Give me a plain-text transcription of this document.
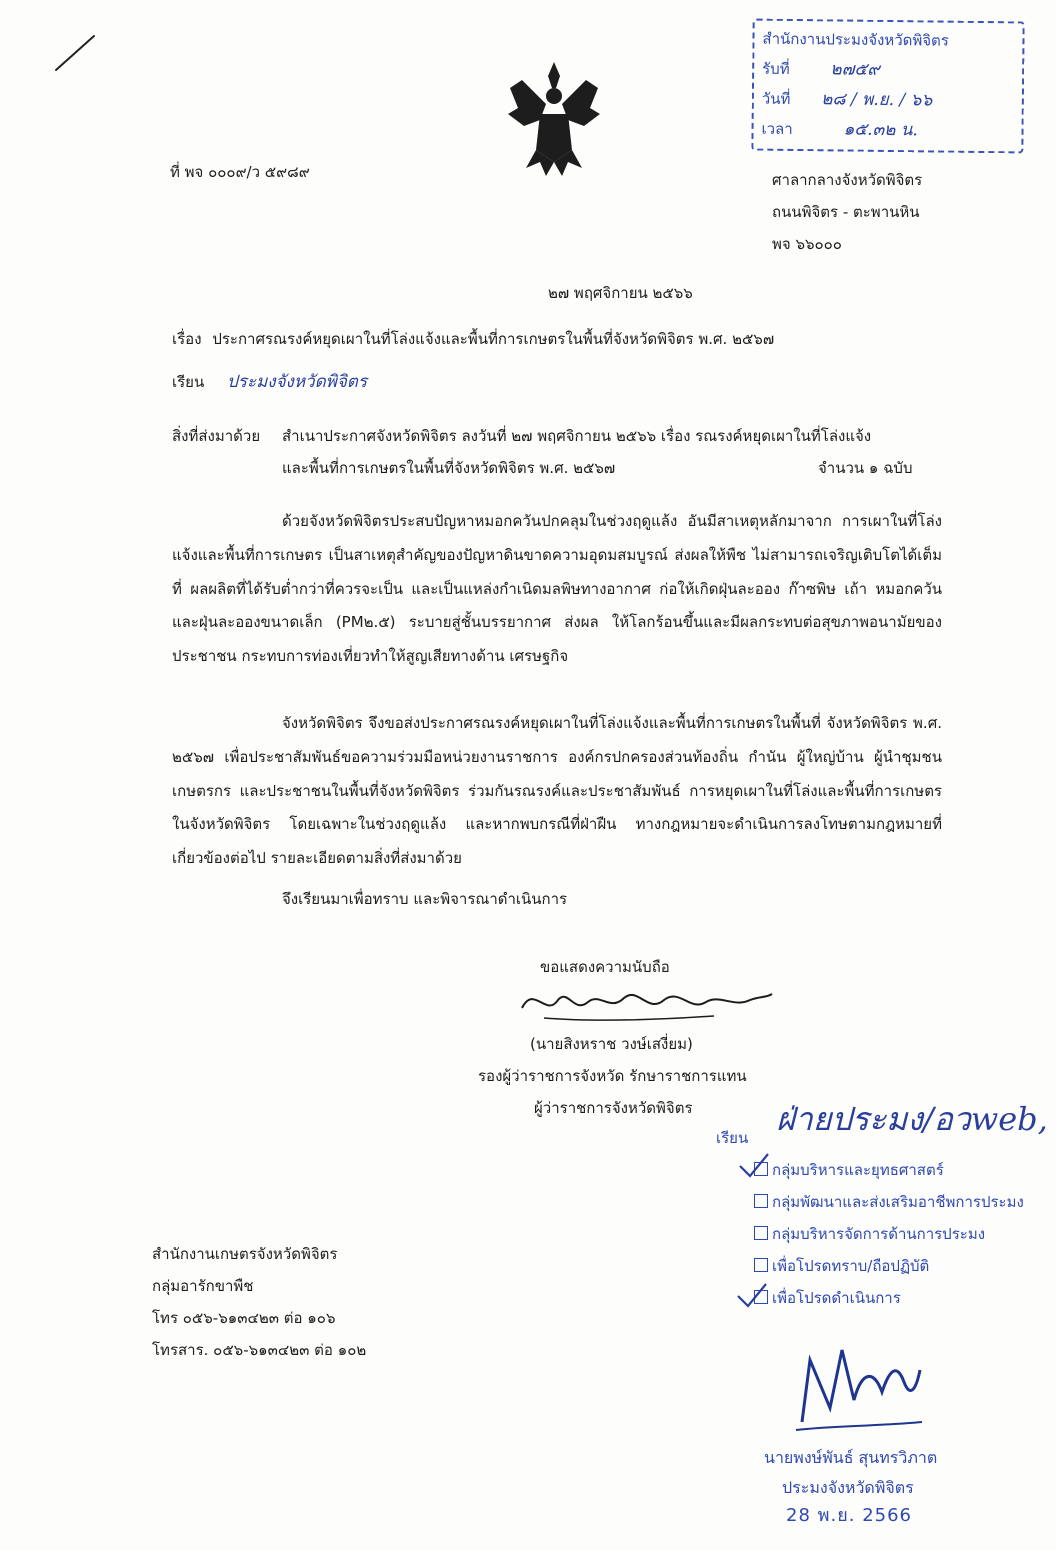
สำนักงานประมงจังหวัดพิจิตร
รับที่ ๒๗๕๙
วันที่ ๒๘ / พ.ย. / ๖๖
เวลา	๑๕.๓๒ น.
ที่ พจ ๐๐๐๙/ว ๕๙๘๙	ศาลากลางจังหวัดพิจิตร
ถนนพิจิตร - ตะพานหิน
พจ ๖๖๐๐๐
๒๗ พฤศจิกายน ๒๕๖๖
เรื่อง ประกาศรณรงค์หยุดเผาในที่โล่งแจ้งและพื้นที่การเกษตรในพื้นที่จังหวัดพิจิตร พ.ศ. ๒๕๖๗
เรียน ประมงจังหวัดพิจิตร
สิ่งที่ส่งมาด้วย สำเนาประกาศจังหวัดพิจิตร ลงวันที่ ๒๗ พฤศจิกายน ๒๕๖๖ เรื่อง รณรงค์หยุดเผาในที่โล่งแจ้ง
และพื้นที่การเกษตรในพื้นที่จังหวัดพิจิตร พ.ศ. ๒๕๖๗	จำนวน ๑ ฉบับ
ด้วยจังหวัดพิจิตรประสบปัญหาหมอกควันปกคลุมในช่วงฤดูแล้ง อันมีสาเหตุหลักมาจาก การเผาในที่โล่งแจ้งและพื้นที่การเกษตร เป็นสาเหตุสำคัญของปัญหาดินขาดความอุดมสมบูรณ์ ส่งผลให้พืช ไม่สามารถเจริญเติบโตได้เต็มที่ ผลผลิตที่ได้รับต่ำกว่าที่ควรจะเป็น และเป็นแหล่งกำเนิดมลพิษทางอากาศ ก่อให้เกิดฝุ่นละออง ก๊าซพิษ เถ้า หมอกควัน และฝุ่นละอองขนาดเล็ก (PM๒.๕) ระบายสู่ชั้นบรรยากาศ ส่งผล ให้โลกร้อนขึ้นและมีผลกระทบต่อสุขภาพอนามัยของประชาชน กระทบการท่องเที่ยวทำให้สูญเสียทางด้าน เศรษฐกิจ
จังหวัดพิจิตร จึงขอส่งประกาศรณรงค์หยุดเผาในที่โล่งแจ้งและพื้นที่การเกษตรในพื้นที่ จังหวัดพิจิตร พ.ศ. ๒๕๖๗ เพื่อประชาสัมพันธ์ขอความร่วมมือหน่วยงานราชการ องค์กรปกครองส่วนท้องถิ่น กำนัน ผู้ใหญ่บ้าน ผู้นำชุมชน เกษตรกร และประชาชนในพื้นที่จังหวัดพิจิตร ร่วมกันรณรงค์และประชาสัมพันธ์ การหยุดเผาในที่โล่งและพื้นที่การเกษตรในจังหวัดพิจิตร โดยเฉพาะในช่วงฤดูแล้ง และหากพบกรณีที่ฝ่าฝืน ทางกฎหมายจะดำเนินการลงโทษตามกฎหมายที่เกี่ยวข้องต่อไป รายละเอียดตามสิ่งที่ส่งมาด้วย
จึงเรียนมาเพื่อทราบ และพิจารณาดำเนินการ
ขอแสดงความนับถือ
(นายสิงหราช วงษ์เสงี่ยม)
รองผู้ว่าราชการจังหวัด รักษาราชการแทน
ผู้ว่าราชการจังหวัดพิจิตร
เรียน ฝ่ายประมง/อวweb,
กลุ่มบริหารและยุทธศาสตร์
กลุ่มพัฒนาและส่งเสริมอาชีพการประมง
กลุ่มบริหารจัดการด้านการประมง
เพื่อโปรดทราบ/ถือปฏิบัติ
เพื่อโปรดดำเนินการ
นายพงษ์พันธ์ สุนทรวิภาต
ประมงจังหวัดพิจิตร
28 พ.ย. 2566
สำนักงานเกษตรจังหวัดพิจิตร
กลุ่มอารักขาพืช
โทร ๐๕๖-๖๑๓๔๒๓ ต่อ ๑๐๖
โทรสาร. ๐๕๖-๖๑๓๔๒๓ ต่อ ๑๐๒
